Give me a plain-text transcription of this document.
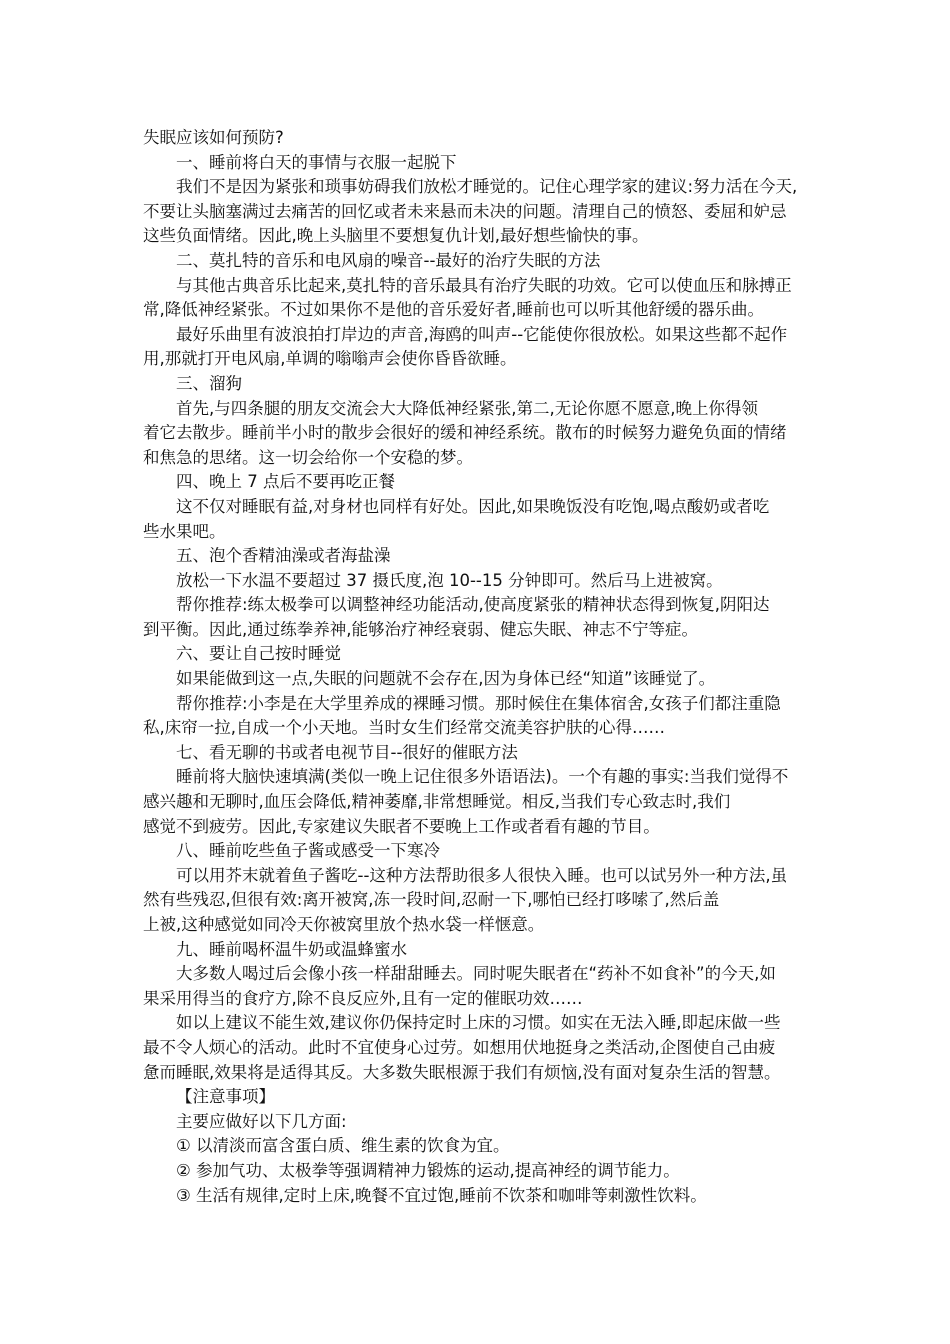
失眠应该如何预防?

一、睡前将白天的事情与衣服一起脱下

我们不是因为紧张和琐事妨碍我们放松才睡觉的。记住心理学家的建议:努力活在今天,

不要让头脑塞满过去痛苦的回忆或者未来悬而未决的问题。清理自己的愤怒、委屈和妒忌

这些负面情绪。因此,晚上头脑里不要想复仇计划,最好想些愉快的事。

二、莫扎特的音乐和电风扇的噪音--最好的治疗失眠的方法

与其他古典音乐比起来,莫扎特的音乐最具有治疗失眠的功效。它可以使血压和脉搏正

常,降低神经紧张。不过如果你不是他的音乐爱好者,睡前也可以听其他舒缓的器乐曲。

最好乐曲里有波浪拍打岸边的声音,海鸥的叫声--它能使你很放松。如果这些都不起作

用,那就打开电风扇,单调的嗡嗡声会使你昏昏欲睡。

三、溜狗

首先,与四条腿的朋友交流会大大降低神经紧张,第二,无论你愿不愿意,晚上你得领

着它去散步。睡前半小时的散步会很好的缓和神经系统。散布的时候努力避免负面的情绪

和焦急的思绪。这一切会给你一个安稳的梦。

四、晚上 7 点后不要再吃正餐

这不仅对睡眠有益,对身材也同样有好处。因此,如果晚饭没有吃饱,喝点酸奶或者吃

些水果吧。

五、泡个香精油澡或者海盐澡

放松一下水温不要超过 37 摄氏度,泡 10--15 分钟即可。然后马上进被窝。

帮你推荐:练太极拳可以调整神经功能活动,使高度紧张的精神状态得到恢复,阴阳达

到平衡。因此,通过练拳养神,能够治疗神经衰弱、健忘失眠、神志不宁等症。

六、要让自己按时睡觉

如果能做到这一点,失眠的问题就不会存在,因为身体已经“知道”该睡觉了。

帮你推荐:小李是在大学里养成的裸睡习惯。那时候住在集体宿舍,女孩子们都注重隐

私,床帘一拉,自成一个小天地。当时女生们经常交流美容护肤的心得……

七、看无聊的书或者电视节目--很好的催眠方法

睡前将大脑快速填满(类似一晚上记住很多外语语法)。一个有趣的事实:当我们觉得不

感兴趣和无聊时,血压会降低,精神萎靡,非常想睡觉。相反,当我们专心致志时,我们

感觉不到疲劳。因此,专家建议失眠者不要晚上工作或者看有趣的节目。

八、睡前吃些鱼子酱或感受一下寒冷

可以用芥末就着鱼子酱吃--这种方法帮助很多人很快入睡。也可以试另外一种方法,虽

然有些残忍,但很有效:离开被窝,冻一段时间,忍耐一下,哪怕已经打哆嗦了,然后盖

上被,这种感觉如同冷天你被窝里放个热水袋一样惬意。

九、睡前喝杯温牛奶或温蜂蜜水

大多数人喝过后会像小孩一样甜甜睡去。同时呢失眠者在“药补不如食补”的今天,如

果采用得当的食疗方,除不良反应外,且有一定的催眠功效……

如以上建议不能生效,建议你仍保持定时上床的习惯。如实在无法入睡,即起床做一些

最不令人烦心的活动。此时不宜使身心过劳。如想用伏地挺身之类活动,企图使自己由疲

惫而睡眠,效果将是适得其反。大多数失眠根源于我们有烦恼,没有面对复杂生活的智慧。

【注意事项】

主要应做好以下几方面:

① 以清淡而富含蛋白质、维生素的饮食为宜。

② 参加气功、太极拳等强调精神力锻炼的运动,提高神经的调节能力。

③ 生活有规律,定时上床,晚餐不宜过饱,睡前不饮茶和咖啡等刺激性饮料。
